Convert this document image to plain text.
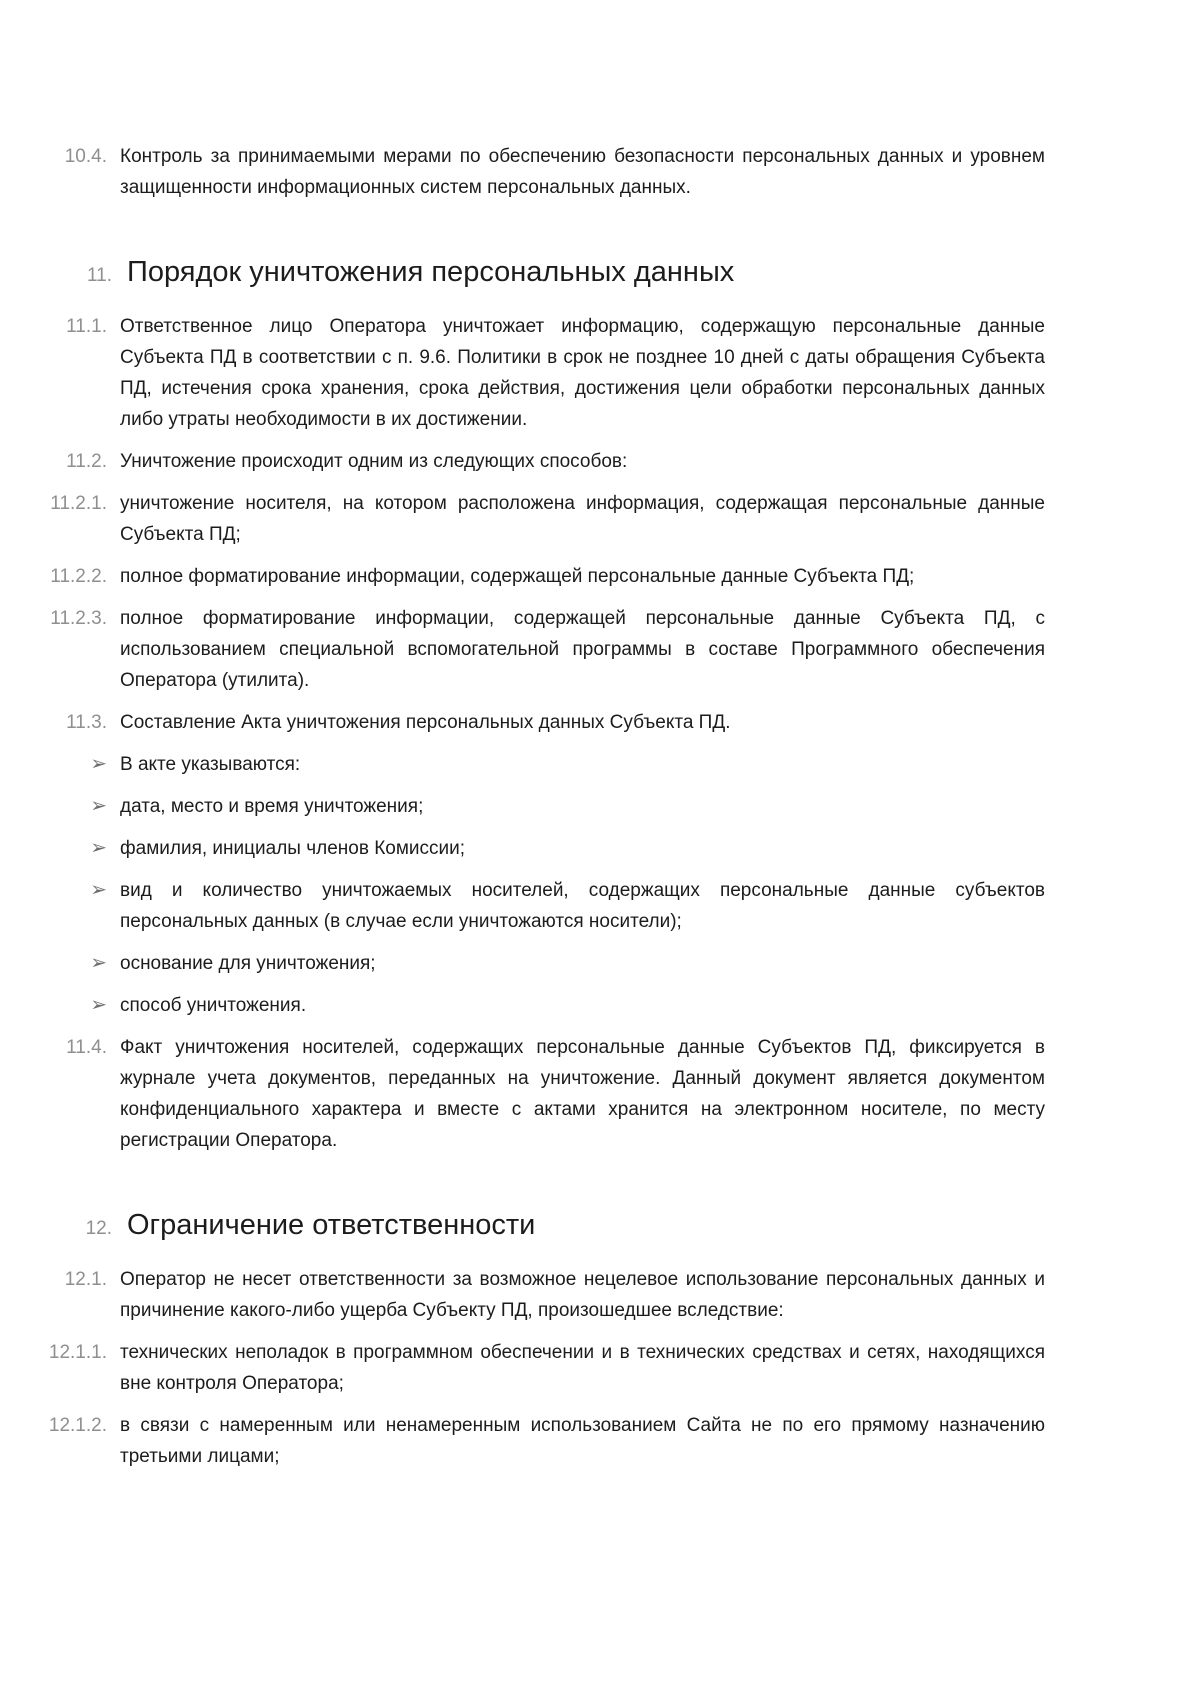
10.4. Контроль за принимаемыми мерами по обеспечению безопасности персональных данных и уровнем защищенности информационных систем персональных данных.
11. Порядок уничтожения персональных данных
11.1. Ответственное лицо Оператора уничтожает информацию, содержащую персональные данные Субъекта ПД в соответствии с п. 9.6. Политики в срок не позднее 10 дней с даты обращения Субъекта ПД, истечения срока хранения, срока действия, достижения цели обработки персональных данных либо утраты необходимости в их достижении.
11.2. Уничтожение происходит одним из следующих способов:
11.2.1. уничтожение носителя, на котором расположена информация, содержащая персональные данные Субъекта ПД;
11.2.2. полное форматирование информации, содержащей персональные данные Субъекта ПД;
11.2.3. полное форматирование информации, содержащей персональные данные Субъекта ПД, с использованием специальной вспомогательной программы в составе Программного обеспечения Оператора (утилита).
11.3. Составление Акта уничтожения персональных данных Субъекта ПД.
➢ В акте указываются:
➢ дата, место и время уничтожения;
➢ фамилия, инициалы членов Комиссии;
➢ вид и количество уничтожаемых носителей, содержащих персональные данные субъектов персональных данных (в случае если уничтожаются носители);
➢ основание для уничтожения;
➢ способ уничтожения.
11.4. Факт уничтожения носителей, содержащих персональные данные Субъектов ПД, фиксируется в журнале учета документов, переданных на уничтожение. Данный документ является документом конфиденциального характера и вместе с актами хранится на электронном носителе, по месту регистрации Оператора.
12. Ограничение ответственности
12.1. Оператор не несет ответственности за возможное нецелевое использование персональных данных и причинение какого-либо ущерба Субъекту ПД, произошедшее вследствие:
12.1.1. технических неполадок в программном обеспечении и в технических средствах и сетях, находящихся вне контроля Оператора;
12.1.2. в связи с намеренным или ненамеренным использованием Сайта не по его прямому назначению третьими лицами;
